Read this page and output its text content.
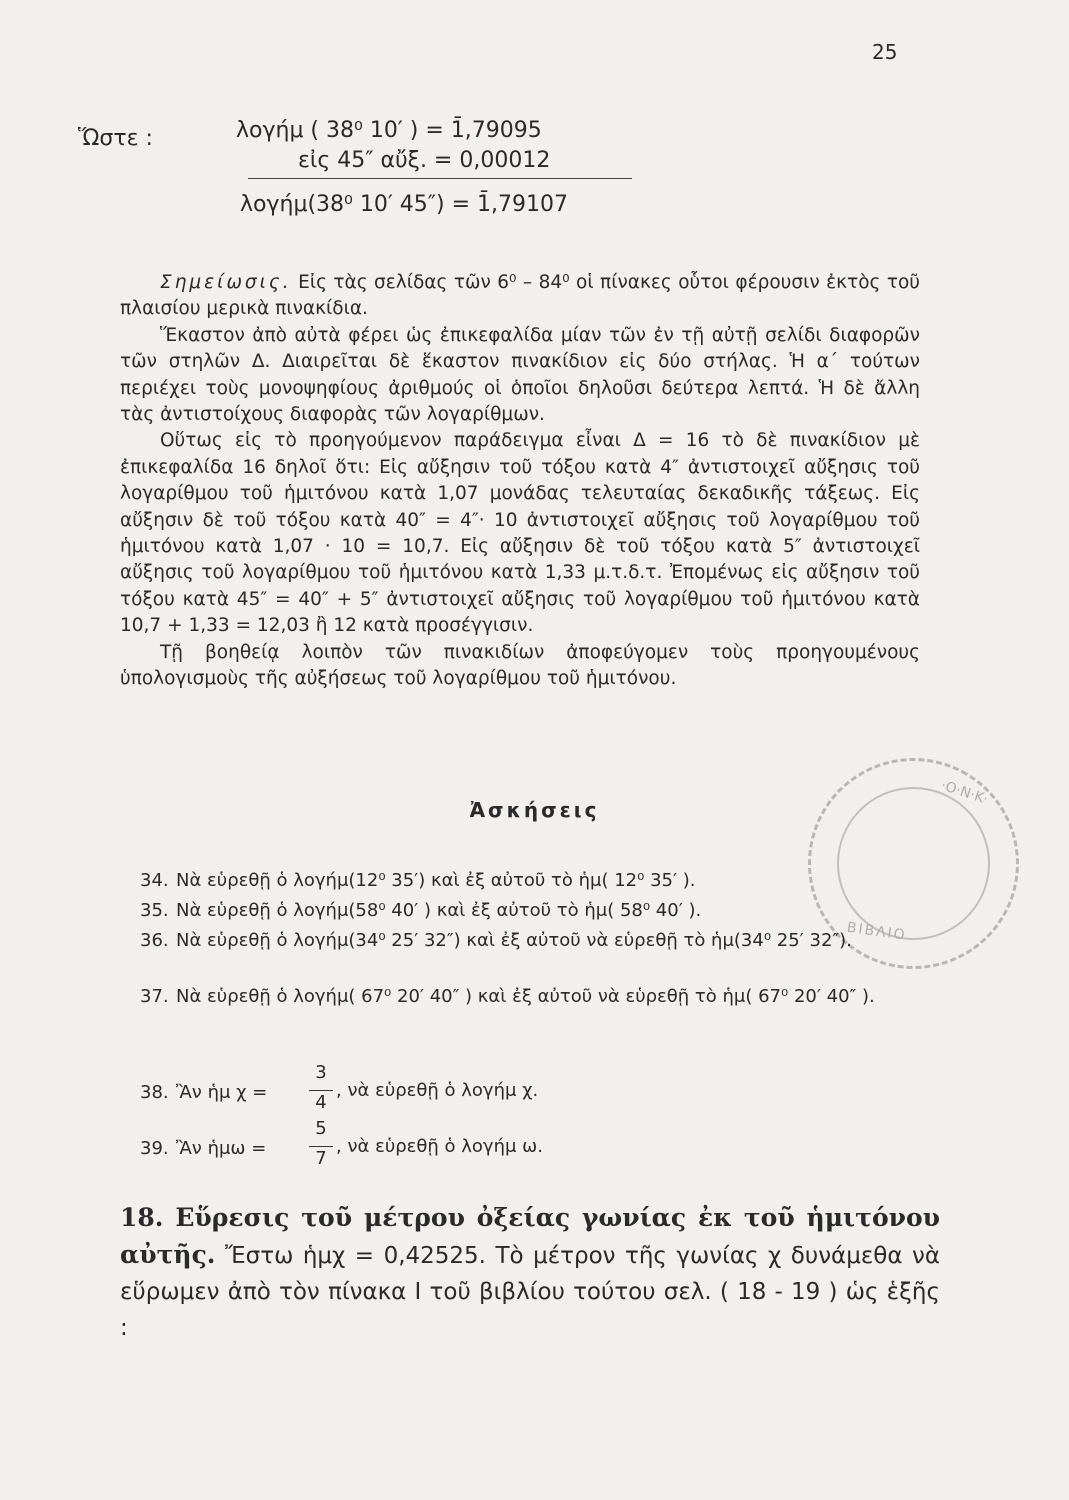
·Ο·Ν·Κ·
ΒΙΒΛΙΟ
25
Ὥστε :	λογήμ ( 38⁰ 10′ ) = 1̄,79095
εἰς 45″ αὔξ. = 0,00012
λογήμ(38⁰ 10′ 45″) = 1̄,79107

Σημείωσις. Εἰς τὰς σελίδας τῶν 6⁰ – 84⁰ οἱ πίνακες οὗτοι φέρουσιν ἐκτὸς τοῦ πλαισίου μερικὰ πινακίδια.

Ἕκαστον ἀπὸ αὐτὰ φέρει ὡς ἐπικεφαλίδα μίαν τῶν ἐν τῇ αὐτῇ σελίδι διαφορῶν τῶν στηλῶν Δ. Διαιρεῖται δὲ ἕκαστον πινακίδιον εἰς δύο στήλας. Ἡ α΄ τούτων περιέχει τοὺς μονοψηφίους ἀριθμούς οἱ ὁποῖοι δηλοῦσι δεύτερα λεπτά. Ἡ δὲ ἄλλη τὰς ἀντιστοίχους διαφορὰς τῶν λογαρίθμων.

Οὕτως εἰς τὸ προηγούμενον παράδειγμα εἶναι Δ = 16 τὸ δὲ πινακίδιον μὲ ἐπικεφαλίδα 16 δηλοῖ ὅτι: Εἰς αὔξησιν τοῦ τόξου κατὰ 4″ ἀντιστοιχεῖ αὔξησις τοῦ λογαρίθμου τοῦ ἡμιτόνου κατὰ 1,07 μονάδας τελευταίας δεκαδικῆς τάξεως. Εἰς αὔξησιν δὲ τοῦ τόξου κατὰ 40″ = 4″· 10 ἀντιστοιχεῖ αὔξησις τοῦ λογαρίθμου τοῦ ἡμιτόνου κατὰ 1,07 · 10 = 10,7. Εἰς αὔξησιν δὲ τοῦ τόξου κατὰ 5″ ἀντιστοιχεῖ αὔξησις τοῦ λογαρίθμου τοῦ ἡμιτόνου κατὰ 1,33 μ.τ.δ.τ. Ἐπομένως εἰς αὔξησιν τοῦ τόξου κατὰ 45″ = 40″ + 5″ ἀντιστοιχεῖ αὔξησις τοῦ λογαρίθμου τοῦ ἡμιτόνου κατὰ 10,7 + 1,33 = 12,03 ἢ 12 κατὰ προσέγγισιν.

Τῇ βοηθείᾳ λοιπὸν τῶν πινακιδίων ἀποφεύγομεν τοὺς προηγουμένους ὑπολογισμοὺς τῆς αὐξήσεως τοῦ λογαρίθμου τοῦ ἡμιτόνου.

Ἀσκήσεις
34. Νὰ εὑρεθῇ ὁ λογήμ(12⁰ 35′) καὶ ἐξ αὐτοῦ τὸ ἡμ( 12⁰ 35′ ).
35. Νὰ εὑρεθῇ ὁ λογήμ(58⁰ 40′ ) καὶ ἐξ αὐτοῦ τὸ ἡμ( 58⁰ 40′ ).
36. Νὰ εὑρεθῇ ὁ λογήμ(34⁰ 25′ 32″) καὶ ἐξ αὐτοῦ νὰ εὑρεθῇ τὸ ἡμ(34⁰ 25′ 32″).
37. Νὰ εὑρεθῇ ὁ λογήμ( 67⁰ 20′ 40″ ) καὶ ἐξ αὐτοῦ νὰ εὑρεθῇ τὸ ἡμ( 67⁰ 20′ 40″ ).
38. Ἂν ἡμ χ =
3
4
, νὰ εὑρεθῇ ὁ λογήμ χ.
39. Ἂν ἡμω =
5
7
, νὰ εὑρεθῇ ὁ λογήμ ω.

18. Εὕρεσις τοῦ μέτρου ὀξείας γωνίας ἐκ τοῦ ἡμιτόνου αὐτῆς. Ἔστω ἡμχ = 0,42525. Τὸ μέτρον τῆς γωνίας χ δυνάμεθα νὰ εὕρωμεν ἀπὸ τὸν πίνακα I τοῦ βιβλίου τούτου σελ. ( 18 - 19 ) ὡς ἑξῆς :
